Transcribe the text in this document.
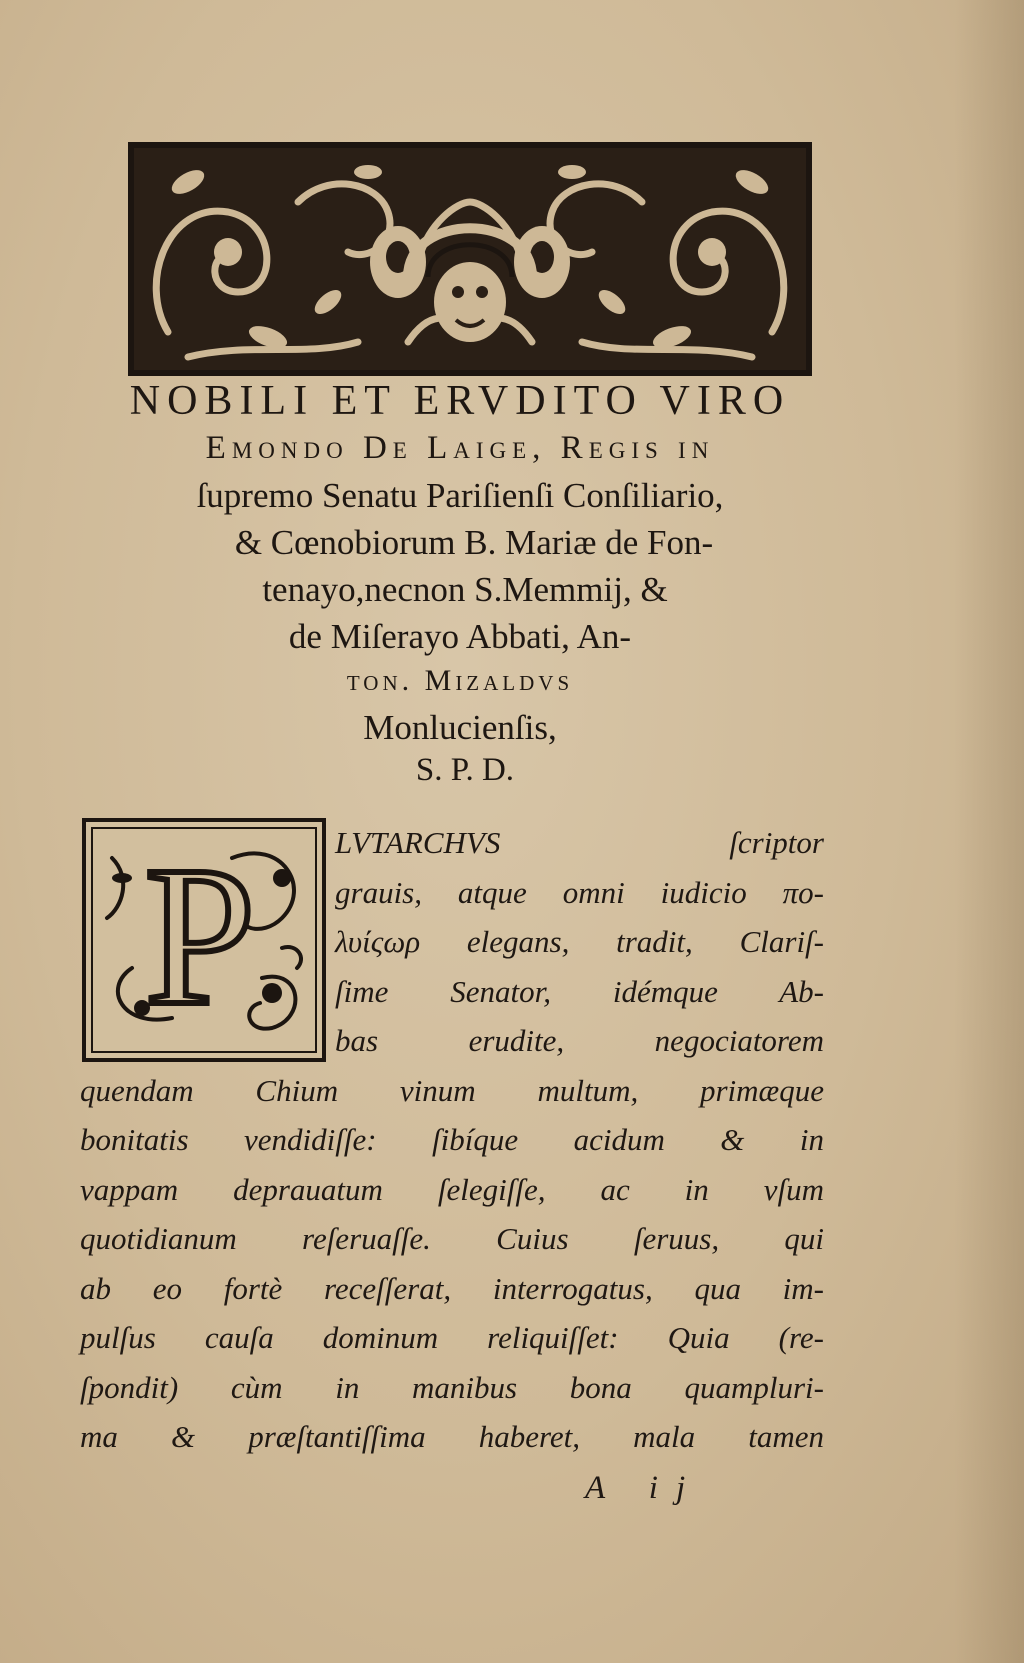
NOBILI ET ERVDITO VIRO
Emondo De Laige, Regis in
ſupremo Senatu Pariſienſi Conſiliario,
& Cœnobiorum B. Mariæ de Fon-
tenayo,necnon S.Memmij, &
de Miſerayo Abbati, An-
ton. Mizaldvs
Monlucienſis,
S. P. D.
P	LVTARCHVS ſcriptor
grauis, atque omni iudicio πο-
λυίςωρ elegans, tradit, Clariſ-
ſime Senator, idémque Ab-
bas erudite, negociatorem
quendam Chium vinum multum, primæque
bonitatis vendidiſſe: ſibíque acidum & in
vappam deprauatum ſelegiſſe, ac in vſum
quotidianum reſeruaſſe. Cuius ſeruus, qui
ab eo fortè receſſerat, interrogatus, qua im-
pulſus cauſa dominum reliquiſſet: Quia (re-
ſpondit) cùm in manibus bona quampluri-
ma & præſtantiſſima haberet, mala tamen
A ij
